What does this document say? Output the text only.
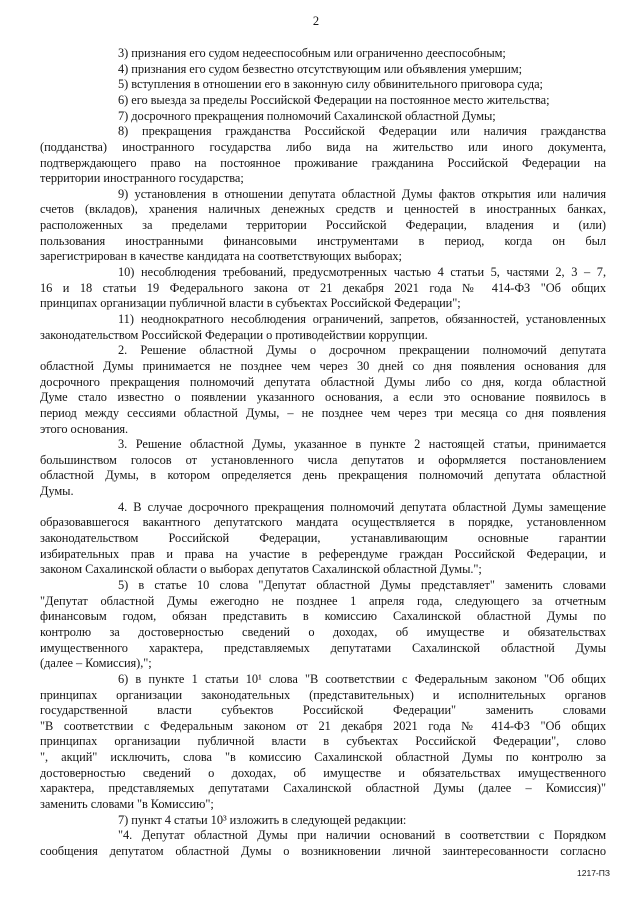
2
3) признания его судом недееспособным или ограниченно дееспособным;
4) признания его судом безвестно отсутствующим или объявления умершим;
5) вступления в отношении его в законную силу обвинительного приговора суда;
6) его выезда за пределы Российской Федерации на постоянное место жительства;
7) досрочного прекращения полномочий Сахалинской областной Думы;
8) прекращения гражданства Российской Федерации или наличия гражданства
(подданства) иностранного государства либо вида на жительство или иного документа,
подтверждающего право на постоянное проживание гражданина Российской Федерации на
территории иностранного государства;
9) установления в отношении депутата областной Думы фактов открытия или наличия
счетов (вкладов), хранения наличных денежных средств и ценностей в иностранных банках,
расположенных за пределами территории Российской Федерации, владения и (или)
пользования иностранными финансовыми инструментами в период, когда он был
зарегистрирован в качестве кандидата на соответствующих выборах;
10) несоблюдения требований, предусмотренных частью 4 статьи 5, частями 2, 3 – 7,
16 и 18 статьи 19 Федерального закона от 21 декабря 2021 года № 414-ФЗ "Об общих
принципах организации публичной власти в субъектах Российской Федерации";
11) неоднократного несоблюдения ограничений, запретов, обязанностей, установленных
законодательством Российской Федерации о противодействии коррупции.
2. Решение областной Думы о досрочном прекращении полномочий депутата
областной Думы принимается не позднее чем через 30 дней со дня появления основания для
досрочного прекращения полномочий депутата областной Думы либо со дня, когда областной
Думе стало известно о появлении указанного основания, а если это основание появилось в
период между сессиями областной Думы, – не позднее чем через три месяца со дня появления
этого основания.
3. Решение областной Думы, указанное в пункте 2 настоящей статьи, принимается
большинством голосов от установленного числа депутатов и оформляется постановлением
областной Думы, в котором определяется день прекращения полномочий депутата областной
Думы.
4. В случае досрочного прекращения полномочий депутата областной Думы замещение
образовавшегося вакантного депутатского мандата осуществляется в порядке, установленном
законодательством Российской Федерации, устанавливающим основные гарантии
избирательных прав и права на участие в референдуме граждан Российской Федерации, и
законом Сахалинской области о выборах депутатов Сахалинской областной Думы.";
5) в статье 10 слова "Депутат областной Думы представляет" заменить словами
"Депутат областной Думы ежегодно не позднее 1 апреля года, следующего за отчетным
финансовым годом, обязан представить в комиссию Сахалинской областной Думы по
контролю за достоверностью сведений о доходах, об имуществе и обязательствах
имущественного характера, представляемых депутатами Сахалинской областной Думы
(далее – Комиссия),";
6) в пункте 1 статьи 10¹ слова "В соответствии с Федеральным законом "Об общих
принципах организации законодательных (представительных) и исполнительных органов
государственной власти субъектов Российской Федерации" заменить словами
"В соответствии с Федеральным законом от 21 декабря 2021 года № 414-ФЗ "Об общих
принципах организации публичной власти в субъектах Российской Федерации", слово
", акций" исключить, слова "в комиссию Сахалинской областной Думы по контролю за
достоверностью сведений о доходах, об имуществе и обязательствах имущественного
характера, представляемых депутатами Сахалинской областной Думы (далее – Комиссия)"
заменить словами "в Комиссию";
7) пункт 4 статьи 10³ изложить в следующей редакции:
"4. Депутат областной Думы при наличии оснований в соответствии с Порядком
сообщения депутатом областной Думы о возникновении личной заинтересованности согласно
1217-ПЗ
